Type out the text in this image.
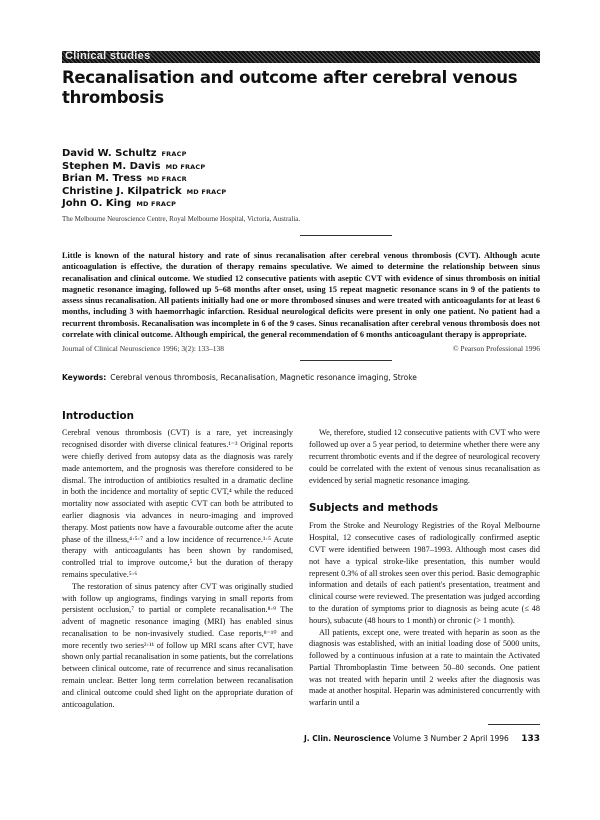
Clinical studies
Recanalisation and outcome after cerebral venous thrombosis
David W. Schultz FRACP
Stephen M. Davis MD FRACP
Brian M. Tress MD FRACR
Christine J. Kilpatrick MD FRACP
John O. King MD FRACP
The Melbourne Neuroscience Centre, Royal Melbourne Hospital, Victoria, Australia.
Little is known of the natural history and rate of sinus recanalisation after cerebral venous thrombosis (CVT). Although acute anticoagulation is effective, the duration of therapy remains speculative. We aimed to determine the relationship between sinus recanalisation and clinical outcome. We studied 12 consecutive patients with aseptic CVT with evidence of sinus thrombosis on initial magnetic resonance imaging, followed up 5–68 months after onset, using 15 repeat magnetic resonance scans in 9 of the patients to assess sinus recanalisation. All patients initially had one or more thrombosed sinuses and were treated with anticoagulants for at least 6 months, including 3 with haemorrhagic infarction. Residual neurological deficits were present in only one patient. No patient had a recurrent thrombosis. Recanalisation was incomplete in 6 of the 9 cases. Sinus recanalisation after cerebral venous thrombosis does not correlate with clinical outcome. Although empirical, the general recommendation of 6 months anticoagulant therapy is appropriate.
Journal of Clinical Neuroscience 1996; 3(2): 133–138	© Pearson Professional 1996
Keywords: Cerebral venous thrombosis, Recanalisation, Magnetic resonance imaging, Stroke
Introduction

Cerebral venous thrombosis (CVT) is a rare, yet increasingly recognised disorder with diverse clinical features.¹⁻³ Original reports were chiefly derived from autopsy data as the diagnosis was rarely made antemortem, and the prognosis was therefore considered to be dismal. The introduction of antibiotics resulted in a dramatic decline in both the incidence and mortality of septic CVT,⁴ while the reduced mortality now associated with aseptic CVT can both be attributed to earlier diagnosis via advances in neuro-imaging and improved therapy. Most patients now have a favourable outcome after the acute phase of the illness,⁴·⁵·⁷ and a low incidence of recurrence.¹·⁵ Acute therapy with anticoagulants has been shown by randomised, controlled trial to improve outcome,⁵ but the duration of therapy remains speculative.⁵·⁶

The restoration of sinus patency after CVT was originally studied with follow up angiograms, findings varying in small reports from persistent occlusion,⁷ to partial or complete recanalisation.⁸·⁹ The advent of magnetic resonance imaging (MRI) has enabled sinus recanalisation to be non-invasively studied. Case reports,⁸⁻¹⁰ and more recently two series²·¹¹ of follow up MRI scans after CVT, have shown only partial recanalisation in some patients, but the correlations between clinical outcome, rate of recurrence and sinus recanalisation remain unclear. Better long term correlation between recanalisation and clinical outcome could shed light on the appropriate duration of anticoagulation.

We, therefore, studied 12 consecutive patients with CVT who were followed up over a 5 year period, to determine whether there were any recurrent thrombotic events and if the degree of neurological recovery could be correlated with the extent of venous sinus recanalisation as evidenced by serial magnetic resonance imaging.

Subjects and methods

From the Stroke and Neurology Registries of the Royal Melbourne Hospital, 12 consecutive cases of radiologically confirmed aseptic CVT were identified between 1987–1993. Although most cases did not have a typical stroke-like presentation, this number would represent 0.3% of all strokes seen over this period. Basic demographic information and details of each patient's presentation, treatment and clinical course were reviewed. The presentation was judged according to the duration of symptoms prior to diagnosis as being acute (≤ 48 hours), subacute (48 hours to 1 month) or chronic (> 1 month).

All patients, except one, were treated with heparin as soon as the diagnosis was established, with an initial loading dose of 5000 units, followed by a continuous infusion at a rate to maintain the Activated Partial Thromboplastin Time between 50–80 seconds. One patient was not treated with heparin until 2 weeks after the diagnosis was made at another hospital. Heparin was administered concurrently with warfarin until a

J. Clin. Neuroscience Volume 3 Number 2 April 1996 133
